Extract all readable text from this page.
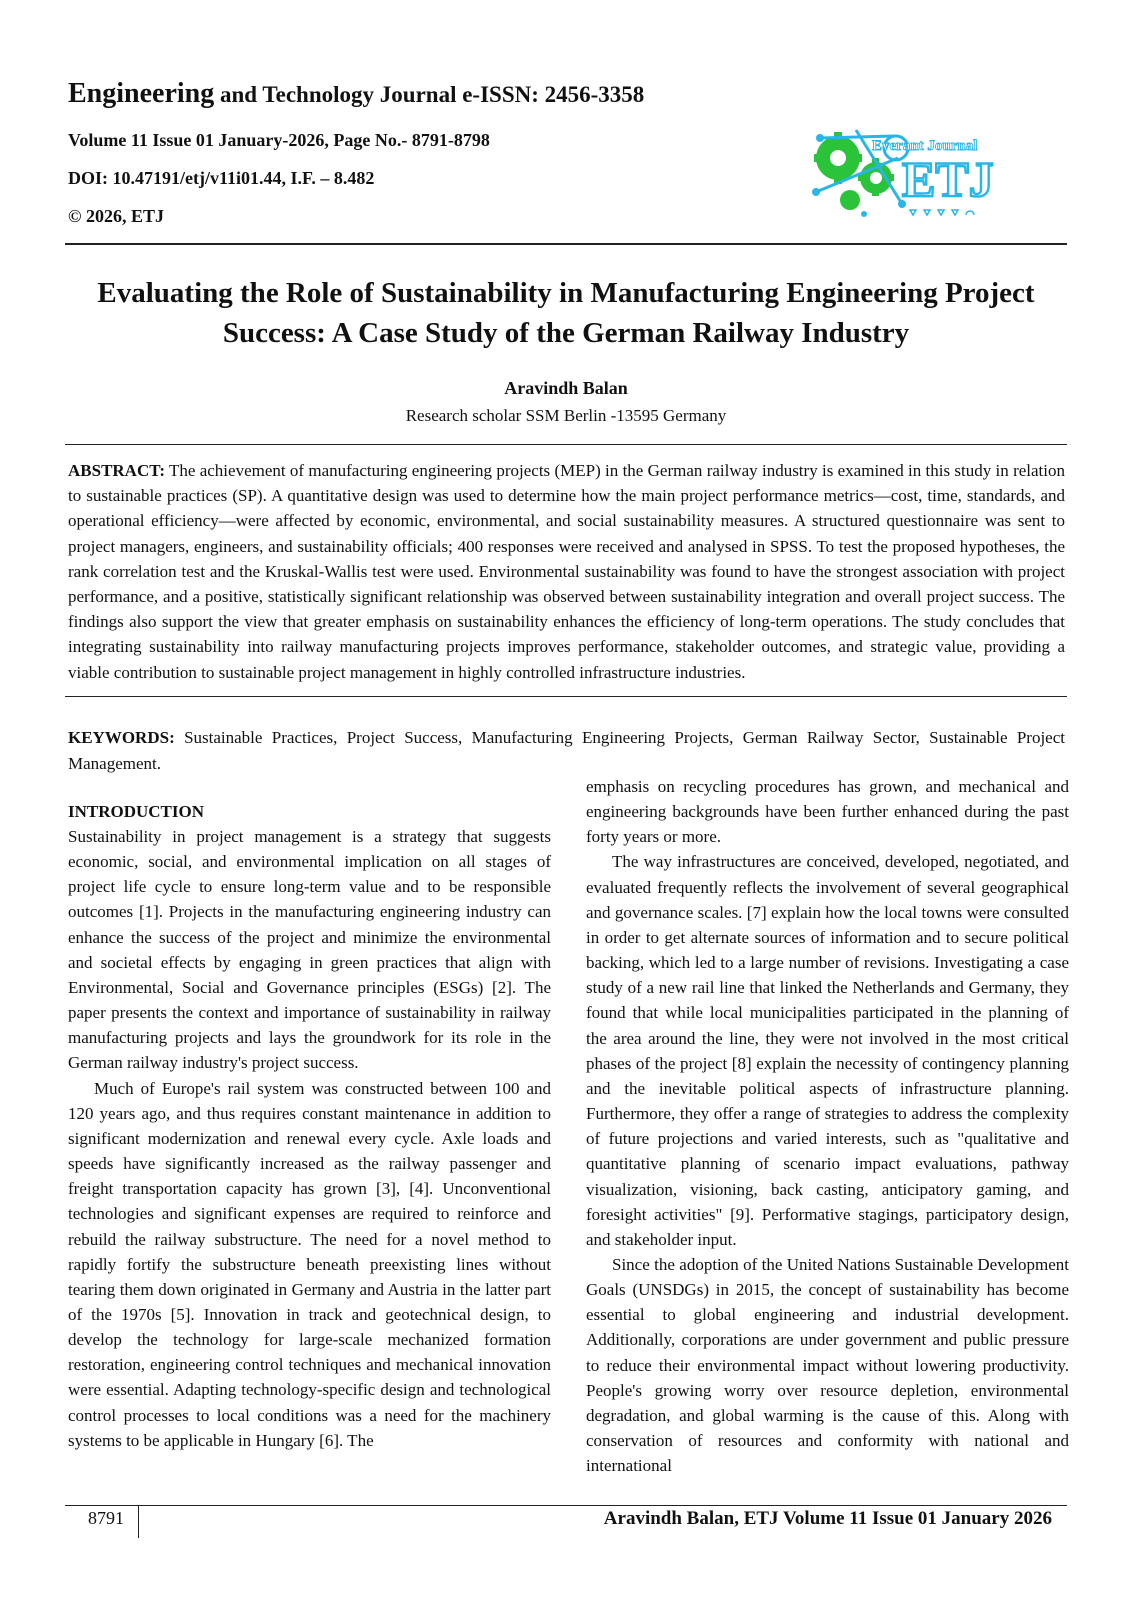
Engineering and Technology Journal e-ISSN: 2456-3358
Volume 11 Issue 01 January-2026, Page No.- 8791-8798
DOI: 10.47191/etj/v11i01.44, I.F. – 8.482
© 2026, ETJ
Everant Journal
ETJ
Evaluating the Role of Sustainability in Manufacturing Engineering Project Success: A Case Study of the German Railway Industry
Aravindh Balan
Research scholar SSM Berlin -13595 Germany
ABSTRACT: The achievement of manufacturing engineering projects (MEP) in the German railway industry is examined in this study in relation to sustainable practices (SP). A quantitative design was used to determine how the main project performance metrics—cost, time, standards, and operational efficiency—were affected by economic, environmental, and social sustainability measures. A structured questionnaire was sent to project managers, engineers, and sustainability officials; 400 responses were received and analysed in SPSS. To test the proposed hypotheses, the rank correlation test and the Kruskal-Wallis test were used. Environmental sustainability was found to have the strongest association with project performance, and a positive, statistically significant relationship was observed between sustainability integration and overall project success. The findings also support the view that greater emphasis on sustainability enhances the efficiency of long-term operations. The study concludes that integrating sustainability into railway manufacturing projects improves performance, stakeholder outcomes, and strategic value, providing a viable contribution to sustainable project management in highly controlled infrastructure industries.
KEYWORDS: Sustainable Practices, Project Success, Manufacturing Engineering Projects, German Railway Sector, Sustainable Project Management.
INTRODUCTION

Sustainability in project management is a strategy that suggests economic, social, and environmental implication on all stages of project life cycle to ensure long-term value and to be responsible outcomes [1]. Projects in the manufacturing engineering industry can enhance the success of the project and minimize the environmental and societal effects by engaging in green practices that align with Environmental, Social and Governance principles (ESGs) [2]. The paper presents the context and importance of sustainability in railway manufacturing projects and lays the groundwork for its role in the German railway industry's project success.

Much of Europe's rail system was constructed between 100 and 120 years ago, and thus requires constant maintenance in addition to significant modernization and renewal every cycle. Axle loads and speeds have significantly increased as the railway passenger and freight transportation capacity has grown [3], [4]. Unconventional technologies and significant expenses are required to reinforce and rebuild the railway substructure. The need for a novel method to rapidly fortify the substructure beneath preexisting lines without tearing them down originated in Germany and Austria in the latter part of the 1970s [5]. Innovation in track and geotechnical design, to develop the technology for large-scale mechanized formation restoration, engineering control techniques and mechanical innovation were essential. Adapting technology-specific design and technological control processes to local conditions was a need for the machinery systems to be applicable in Hungary [6]. The

emphasis on recycling procedures has grown, and mechanical and engineering backgrounds have been further enhanced during the past forty years or more.

The way infrastructures are conceived, developed, negotiated, and evaluated frequently reflects the involvement of several geographical and governance scales. [7] explain how the local towns were consulted in order to get alternate sources of information and to secure political backing, which led to a large number of revisions. Investigating a case study of a new rail line that linked the Netherlands and Germany, they found that while local municipalities participated in the planning of the area around the line, they were not involved in the most critical phases of the project [8] explain the necessity of contingency planning and the inevitable political aspects of infrastructure planning. Furthermore, they offer a range of strategies to address the complexity of future projections and varied interests, such as "qualitative and quantitative planning of scenario impact evaluations, pathway visualization, visioning, back casting, anticipatory gaming, and foresight activities" [9]. Performative stagings, participatory design, and stakeholder input.

Since the adoption of the United Nations Sustainable Development Goals (UNSDGs) in 2015, the concept of sustainability has become essential to global engineering and industrial development. Additionally, corporations are under government and public pressure to reduce their environmental impact without lowering productivity. People's growing worry over resource depletion, environmental degradation, and global warming is the cause of this. Along with conservation of resources and conformity with national and international

8791	Aravindh Balan, ETJ Volume 11 Issue 01 January 2026
